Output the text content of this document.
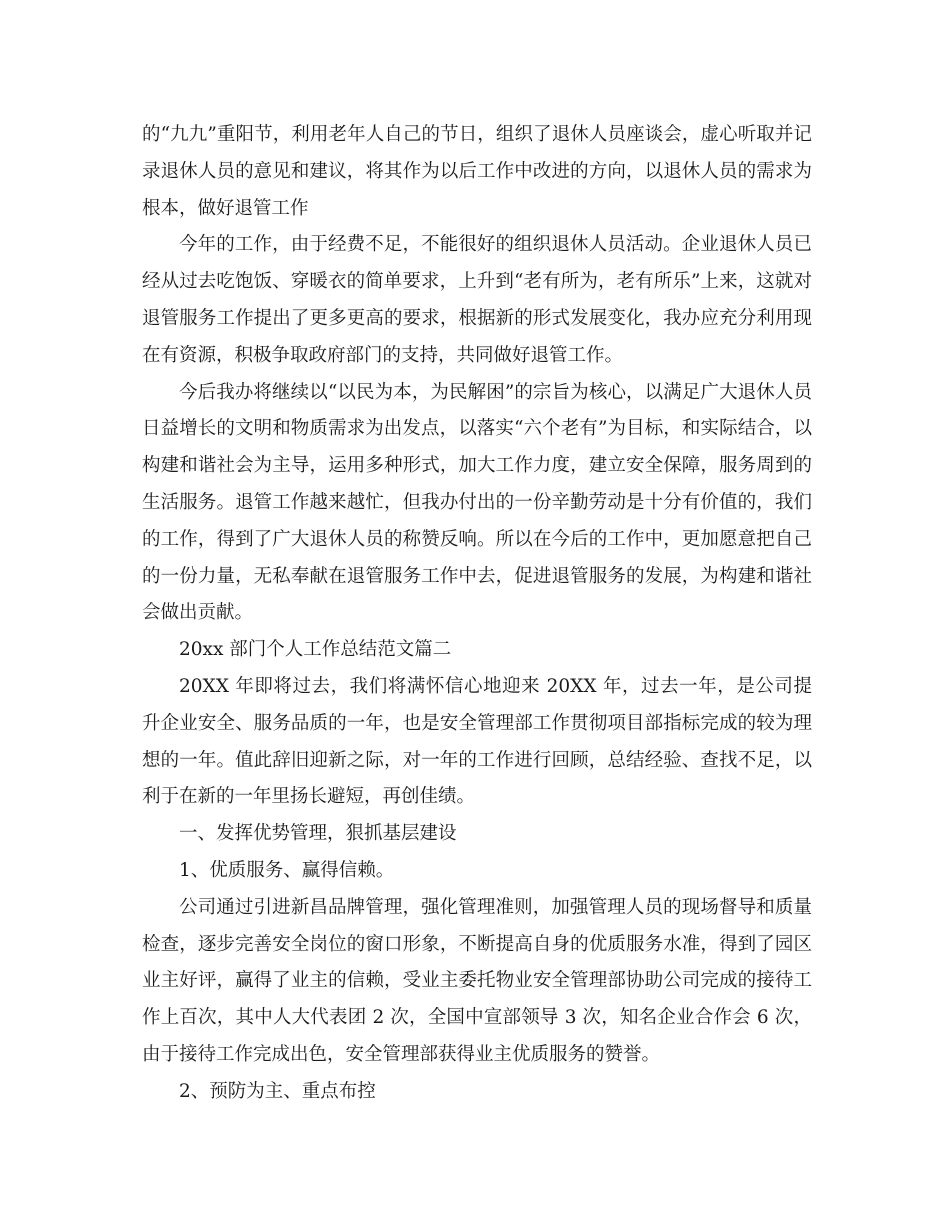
的“九九”重阳节，利用老年人自己的节日，组织了退休人员座谈会，虚心听取并记录退休人员的意见和建议，将其作为以后工作中改进的方向，以退休人员的需求为根本，做好退管工作

今年的工作，由于经费不足，不能很好的组织退休人员活动。企业退休人员已经从过去吃饱饭、穿暖衣的简单要求，上升到“老有所为，老有所乐”上来，这就对退管服务工作提出了更多更高的要求，根据新的形式发展变化，我办应充分利用现在有资源，积极争取政府部门的支持，共同做好退管工作。

今后我办将继续以“以民为本，为民解困”的宗旨为核心，以满足广大退休人员日益增长的文明和物质需求为出发点，以落实“六个老有”为目标，和实际结合，以构建和谐社会为主导，运用多种形式，加大工作力度，建立安全保障，服务周到的生活服务。退管工作越来越忙，但我办付出的一份辛勤劳动是十分有价值的，我们的工作，得到了广大退休人员的称赞反响。所以在今后的工作中，更加愿意把自己的一份力量，无私奉献在退管服务工作中去，促进退管服务的发展，为构建和谐社会做出贡献。

20xx 部门个人工作总结范文篇二

20XX 年即将过去，我们将满怀信心地迎来 20XX 年，过去一年，是公司提升企业安全、服务品质的一年，也是安全管理部工作贯彻项目部指标完成的较为理想的一年。值此辞旧迎新之际，对一年的工作进行回顾，总结经验、查找不足，以利于在新的一年里扬长避短，再创佳绩。

一、发挥优势管理，狠抓基层建设

1、优质服务、赢得信赖。

公司通过引进新昌品牌管理，强化管理准则，加强管理人员的现场督导和质量检查，逐步完善安全岗位的窗口形象，不断提高自身的优质服务水准，得到了园区业主好评，赢得了业主的信赖，受业主委托物业安全管理部协助公司完成的接待工作上百次，其中人大代表团 2 次，全国中宣部领导 3 次，知名企业合作会 6 次，由于接待工作完成出色，安全管理部获得业主优质服务的赞誉。

2、预防为主、重点布控
